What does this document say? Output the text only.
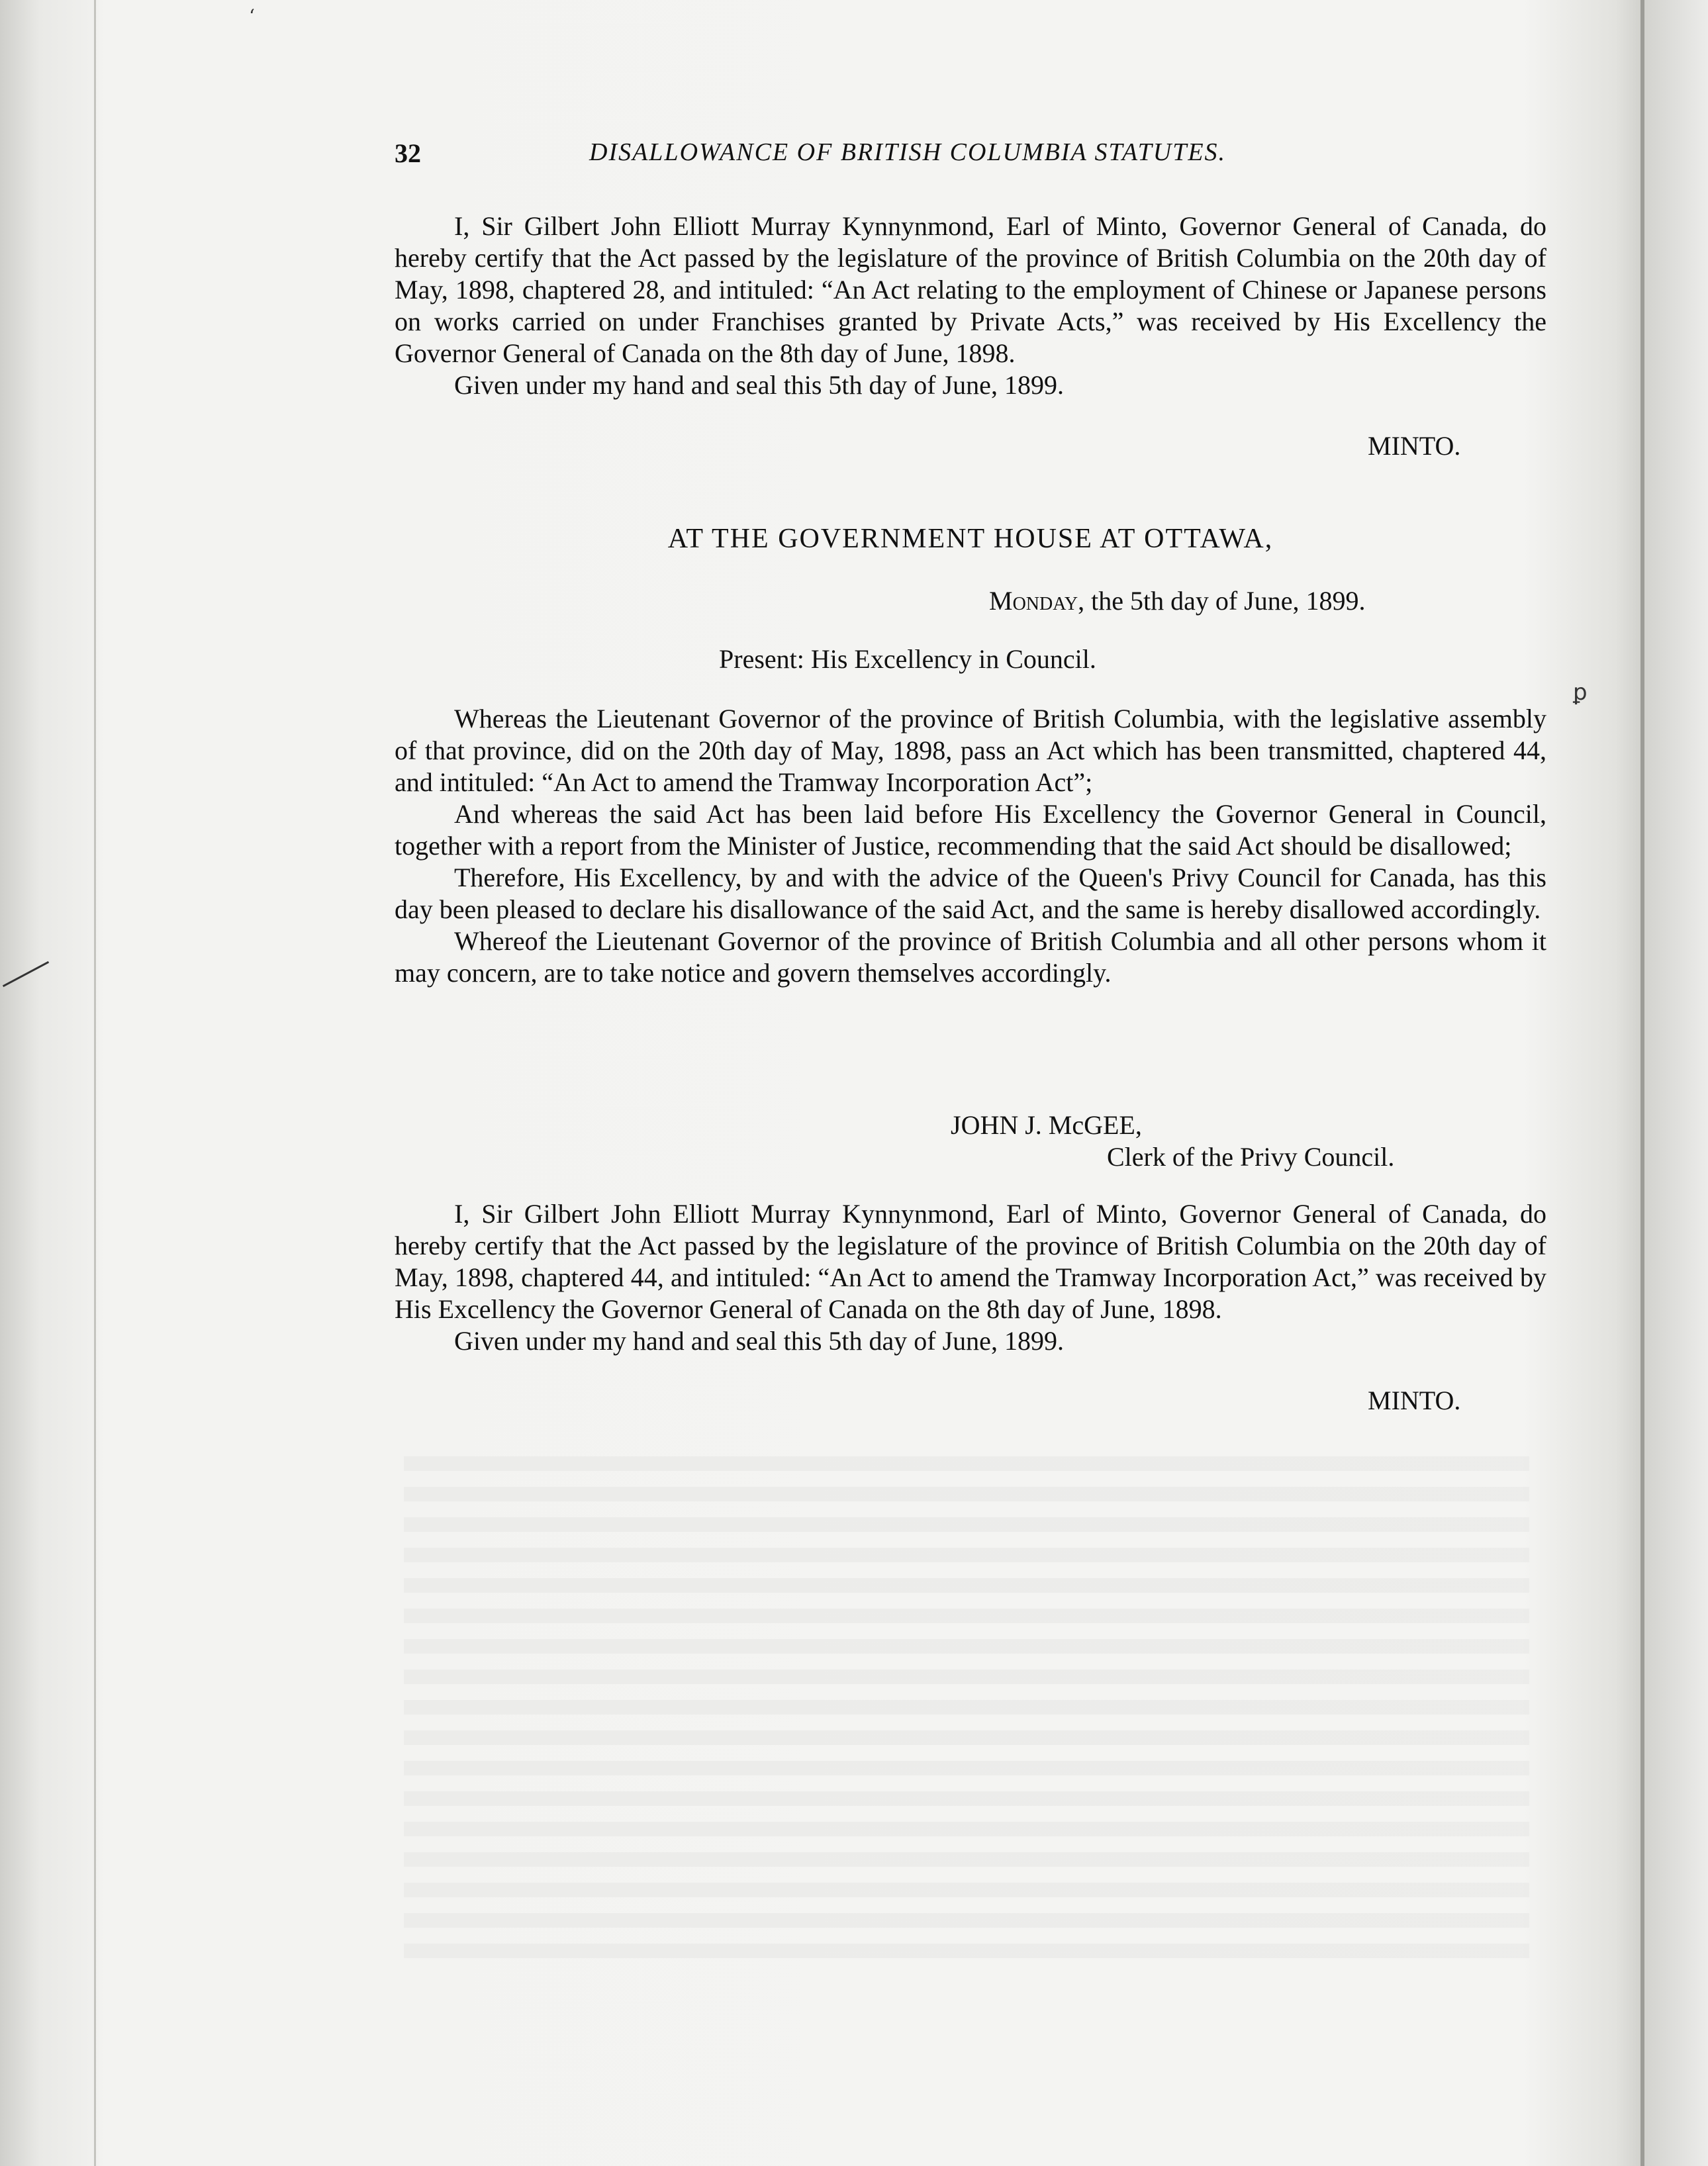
‘
ꝑ
32	DISALLOWANCE OF BRITISH COLUMBIA STATUTES.

I, Sir Gilbert John Elliott Murray Kynnynmond, Earl of Minto, Governor General of Canada, do hereby certify that the Act passed by the legislature of the province of British Columbia on the 20th day of May, 1898, chaptered 28, and intituled: “An Act relating to the employment of Chinese or Japanese persons on works carried on under Franchises granted by Private Acts,” was received by His Excellency the Governor General of Canada on the 8th day of June, 1898.

Given under my hand and seal this 5th day of June, 1899.

MINTO.
AT THE GOVERNMENT HOUSE AT OTTAWA,
Monday, the 5th day of June, 1899.
Present: His Excellency in Council.

Whereas the Lieutenant Governor of the province of British Columbia, with the legislative assembly of that province, did on the 20th day of May, 1898, pass an Act which has been transmitted, chaptered 44, and intituled: “An Act to amend the Tramway Incorporation Act”;

And whereas the said Act has been laid before His Excellency the Governor General in Council, together with a report from the Minister of Justice, recommending that the said Act should be disallowed;

Therefore, His Excellency, by and with the advice of the Queen's Privy Council for Canada, has this day been pleased to declare his disallowance of the said Act, and the same is hereby disallowed accordingly.

Whereof the Lieutenant Governor of the province of British Columbia and all other persons whom it may concern, are to take notice and govern themselves accordingly.

JOHN J. McGEE,
Clerk of the Privy Council.

I, Sir Gilbert John Elliott Murray Kynnynmond, Earl of Minto, Governor General of Canada, do hereby certify that the Act passed by the legislature of the province of British Columbia on the 20th day of May, 1898, chaptered 44, and intituled: “An Act to amend the Tramway Incorporation Act,” was received by His Excellency the Governor General of Canada on the 8th day of June, 1898.

Given under my hand and seal this 5th day of June, 1899.

MINTO.
